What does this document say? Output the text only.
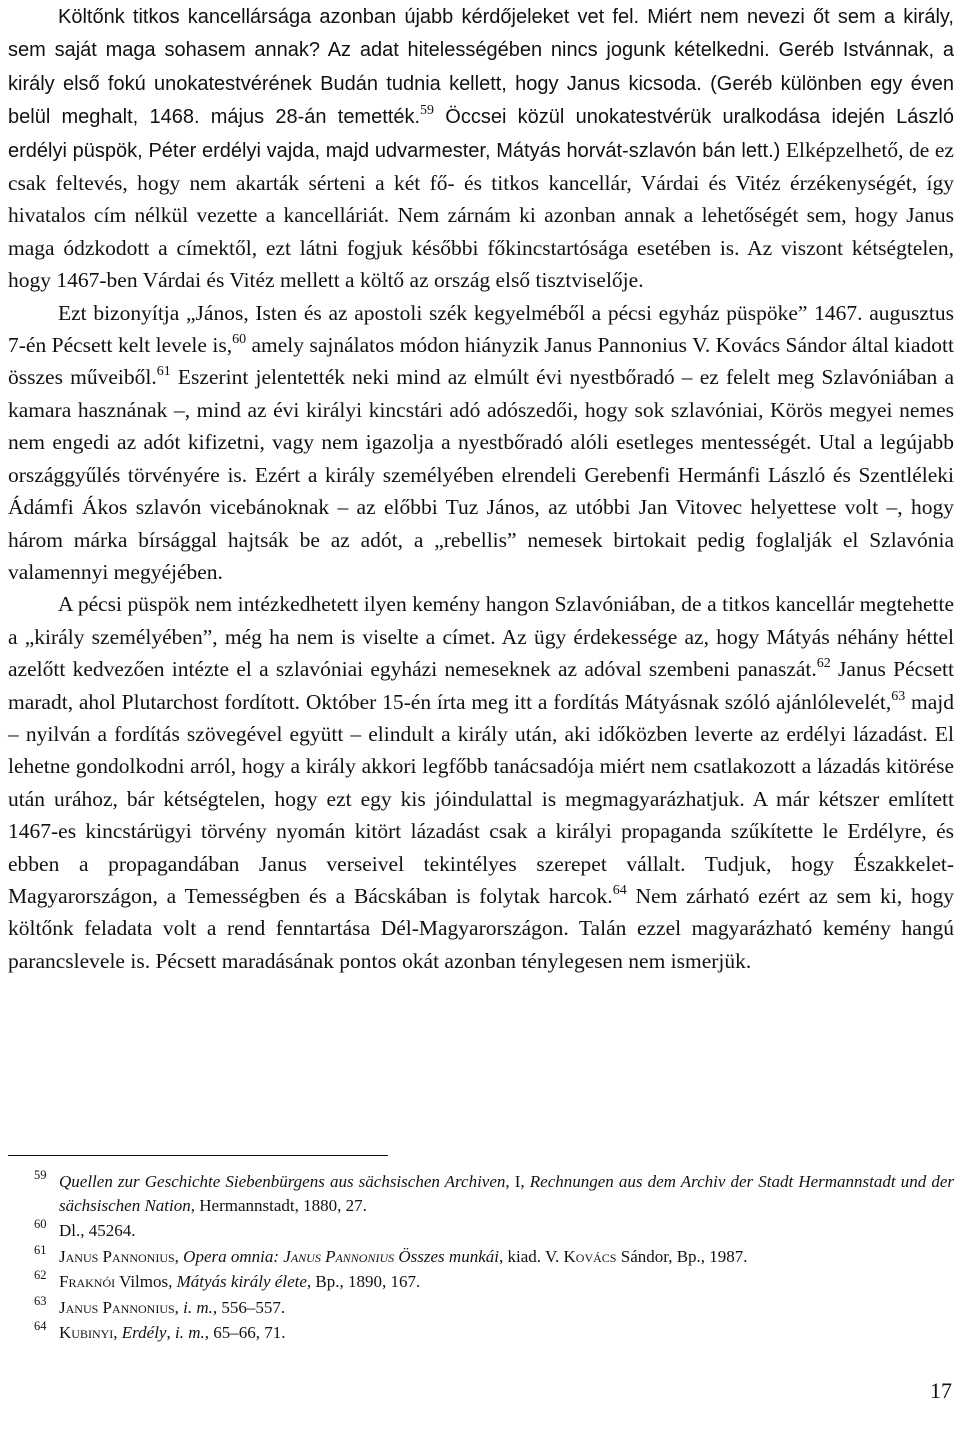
Költőnk titkos kancellársága azonban újabb kérdőjeleket vet fel. Miért nem nevezi őt sem a király, sem saját maga sohasem annak? Az adat hitelességében nincs jogunk kételkedni. Geréb Istvánnak, a király első fokú unokatestvérének Budán tudnia kellett, hogy Janus kicsoda. (Geréb különben egy éven belül meghalt, 1468. május 28-án temették.$^{59}$ Öccsei közül unokatestvérük uralkodása idején László erdélyi püspök, Péter erdélyi vajda, majd udvarmester, Mátyás horvát-szlavón bán lett.) Elképzelhető, de ez csak feltevés, hogy nem akarták sérteni a két fő- és titkos kancellár, Várdai és Vitéz érzékenységét, így hivatalos cím nélkül vezette a kancelláriát. Nem zárnám ki azonban annak a lehetőségét sem, hogy Janus maga ódzkodott a címektől, ezt látni fogjuk későbbi főkincstartósága esetében is. Az viszont kétségtelen, hogy 1467-ben Várdai és Vitéz mellett a költő az ország első tisztviselője.

Ezt bizonyítja „János, Isten és az apostoli szék kegyelméből a pécsi egyház püspöke” 1467. augusztus 7-én Pécsett kelt levele is,$^{60}$ amely sajnálatos módon hiányzik Janus Pannonius V. Kovács Sándor által kiadott összes műveiből.$^{61}$ Eszerint jelentették neki mind az elmúlt évi nyestbőradó – ez felelt meg Szlavóniában a kamara hasznának –, mind az évi királyi kincstári adó adószedői, hogy sok szlavóniai, Körös megyei nemes nem engedi az adót kifizetni, vagy nem igazolja a nyestbőradó alóli esetleges mentességét. Utal a legújabb országgyűlés törvényére is. Ezért a király személyében elrendeli Gerebenfi Hermánfi László és Szentléleki Ádámfi Ákos szlavón vicebánoknak – az előbbi Tuz János, az utóbbi Jan Vitovec helyettese volt –, hogy három márka bírsággal hajtsák be az adót, a „rebellis” nemesek birtokait pedig foglalják el Szlavónia valamennyi megyéjében.

A pécsi püspök nem intézkedhetett ilyen kemény hangon Szlavóniában, de a titkos kancellár megtehette a „király személyében”, még ha nem is viselte a címet. Az ügy érdekessége az, hogy Mátyás néhány héttel azelőtt kedvezően intézte el a szlavóniai egyházi nemeseknek az adóval szembeni panaszát.$^{62}$ Janus Pécsett maradt, ahol Plutarchost fordított. Október 15-én írta meg itt a fordítás Mátyásnak szóló ajánlólevelét,$^{63}$ majd – nyilván a fordítás szövegével együtt – elindult a király után, aki időközben leverte az erdélyi lázadást. El lehetne gondolkodni arról, hogy a király akkori legfőbb tanácsadója miért nem csatlakozott a lázadás kitörése után urához, bár kétségtelen, hogy ezt egy kis jóindulattal is megmagyarázhatjuk. A már kétszer említett 1467-es kincstárügyi törvény nyomán kitört lázadást csak a királyi propaganda szűkítette le Erdélyre, és ebben a propagandában Janus verseivel tekintélyes szerepet vállalt. Tudjuk, hogy Északkelet-Magyarországon, a Temességben és a Bácskában is folytak harcok.$^{64}$ Nem zárható ezért az sem ki, hogy költőnk feladata volt a rend fenntartása Dél-Magyarországon. Talán ezzel magyarázható kemény hangú parancslevele is. Pécsett maradásának pontos okát azonban ténylegesen nem ismerjük.

59 Quellen zur Geschichte Siebenbürgens aus sächsischen Archiven, I, Rechnungen aus dem Archiv der Stadt Hermannstadt und der sächsischen Nation, Hermannstadt, 1880, 27.
60 Dl., 45264.
61 Janus Pannonius, Opera omnia: Janus Pannonius Összes munkái, kiad. V. Kovács Sándor, Bp., 1987.
62 Fraknói Vilmos, Mátyás király élete, Bp., 1890, 167.
63 Janus Pannonius, i. m., 556–557.
64 Kubinyi, Erdély, i. m., 65–66, 71.
17
